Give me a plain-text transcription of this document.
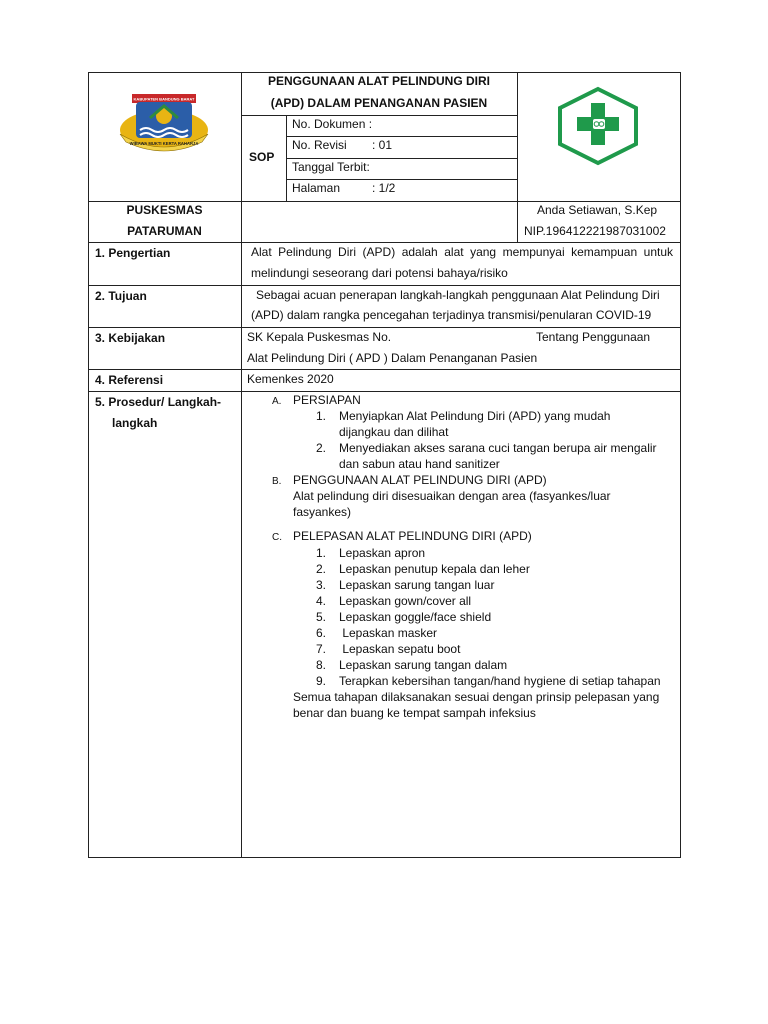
WIBAWA MUKTI KERTA RAHARJA
KABUPATEN BANDUNG BARAT
PENGGUNAAN ALAT PELINDUNG DIRI
(APD) DALAM PENANGANAN PASIEN
SOP
No. Dokumen :
No. Revisi : 01
Tanggal Terbit:
Halaman	: 1/2
PUSKESMAS
PATARUMAN
Anda Setiawan, S.Kep
NIP.196412221987031002
1. Pengertian	Alat Pelindung Diri (APD) adalah alat yang mempunyai kemampuan untuk
melindungi seseorang dari potensi bahaya/risiko
2. Tujuan	Sebagai acuan penerapan langkah-langkah penggunaan Alat Pelindung Diri
(APD) dalam rangka pencegahan terjadinya transmisi/penularan COVID-19
3. Kebijakan	SK Kepala Puskesmas No.	Tentang Penggunaan
Alat Pelindung Diri ( APD ) Dalam Penanganan Pasien
4. Referensi	Kemenkes 2020
5. Prosedur/ Langkah-
langkah
A. PERSIAPAN
1. Menyiapkan Alat Pelindung Diri (APD) yang mudah
dijangkau dan dilihat
2. Menyediakan akses sarana cuci tangan berupa air mengalir
dan sabun atau hand sanitizer
B. PENGGUNAAN ALAT PELINDUNG DIRI (APD)
Alat pelindung diri disesuaikan dengan area (fasyankes/luar
fasyankes)
C. PELEPASAN ALAT PELINDUNG DIRI (APD)
1. Lepaskan apron
2. Lepaskan penutup kepala dan leher
3. Lepaskan sarung tangan luar
4. Lepaskan gown/cover all
5. Lepaskan goggle/face shield
6. Lepaskan masker
7. Lepaskan sepatu boot
8. Lepaskan sarung tangan dalam
9. Terapkan kebersihan tangan/hand hygiene di setiap tahapan
Semua tahapan dilaksanakan sesuai dengan prinsip pelepasan yang
benar dan buang ke tempat sampah infeksius
